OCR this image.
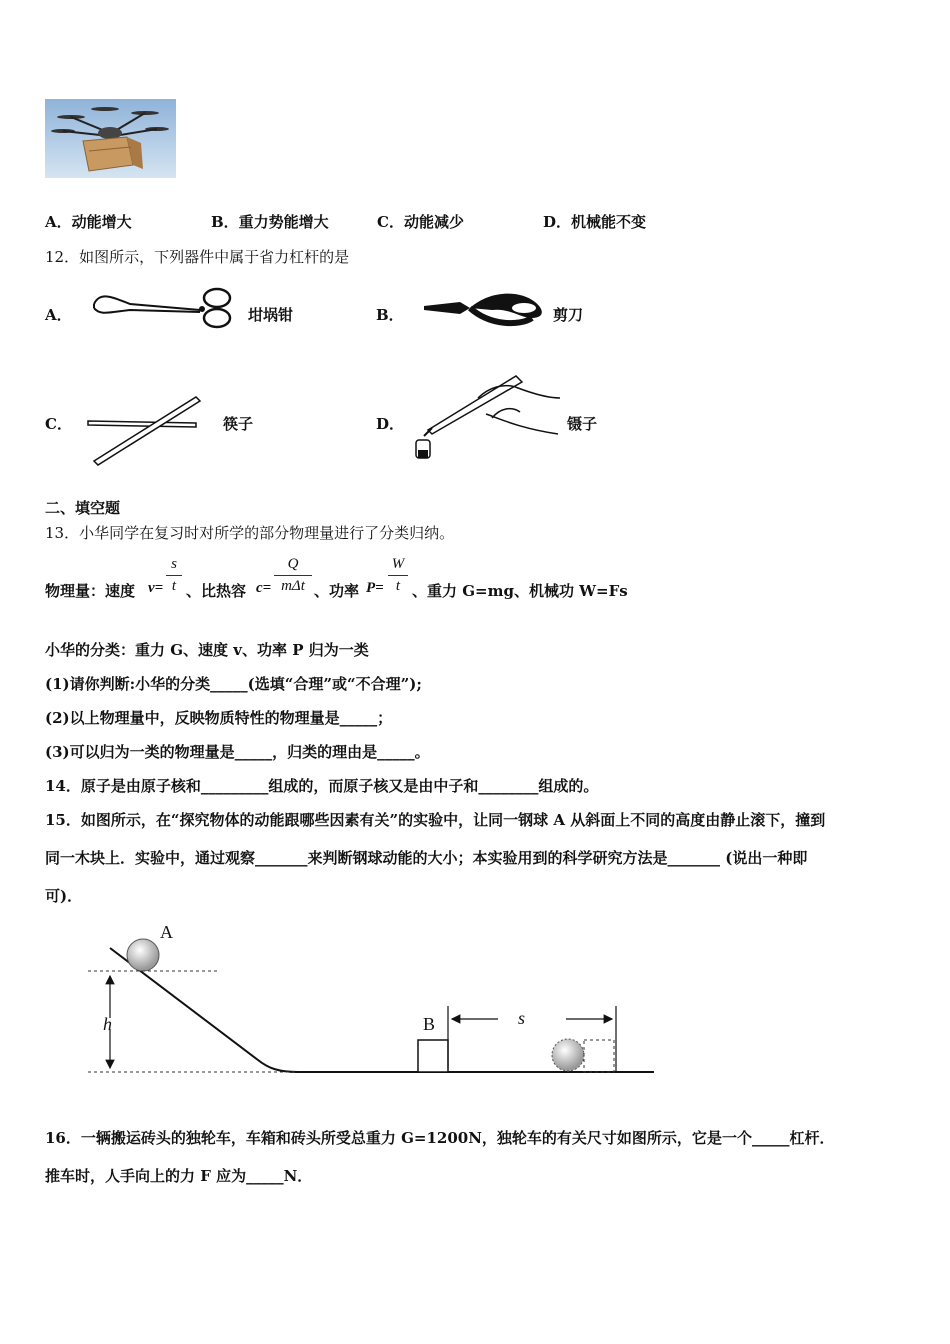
A．动能增大	B．重力势能增大	C．动能减少	D．机械能不变
12．如图所示，下列器件中属于省力杠杆的是
A．	坩埚钳	B．	剪刀
C．	筷子	D．	镊子
二、填空题
13．小华同学在复习时对所学的部分物理量进行了分类归纳。
物理量：速度 v=
s
t 、比热容 c=
Q
mΔt 、功率 P=
W
t 、重力 G=mg、机械功 W=Fs
小华的分类：重力 G、速度 v、功率 P 归为一类
(1)请你判断:小华的分类_____(选填“合理”或“不合理”);
(2)以上物理量中，反映物质特性的物理量是_____；
(3)可以归为一类的物理量是_____，归类的理由是_____。
14．原子是由原子核和_________组成的，而原子核又是由中子和________组成的。
15．如图所示，在“探究物体的动能跟哪些因素有关”的实验中，让同一钢球 A 从斜面上不同的高度由静止滚下，撞到
同一木块上．实验中，通过观察_______来判断钢球动能的大小；本实验用到的科学研究方法是_______ (说出一种即
可)．
A
h	B	s
16．一辆搬运砖头的独轮车，车箱和砖头所受总重力 G=1200N，独轮车的有关尺寸如图所示，它是一个_____杠杆．
推车时，人手向上的力 F 应为_____N．
